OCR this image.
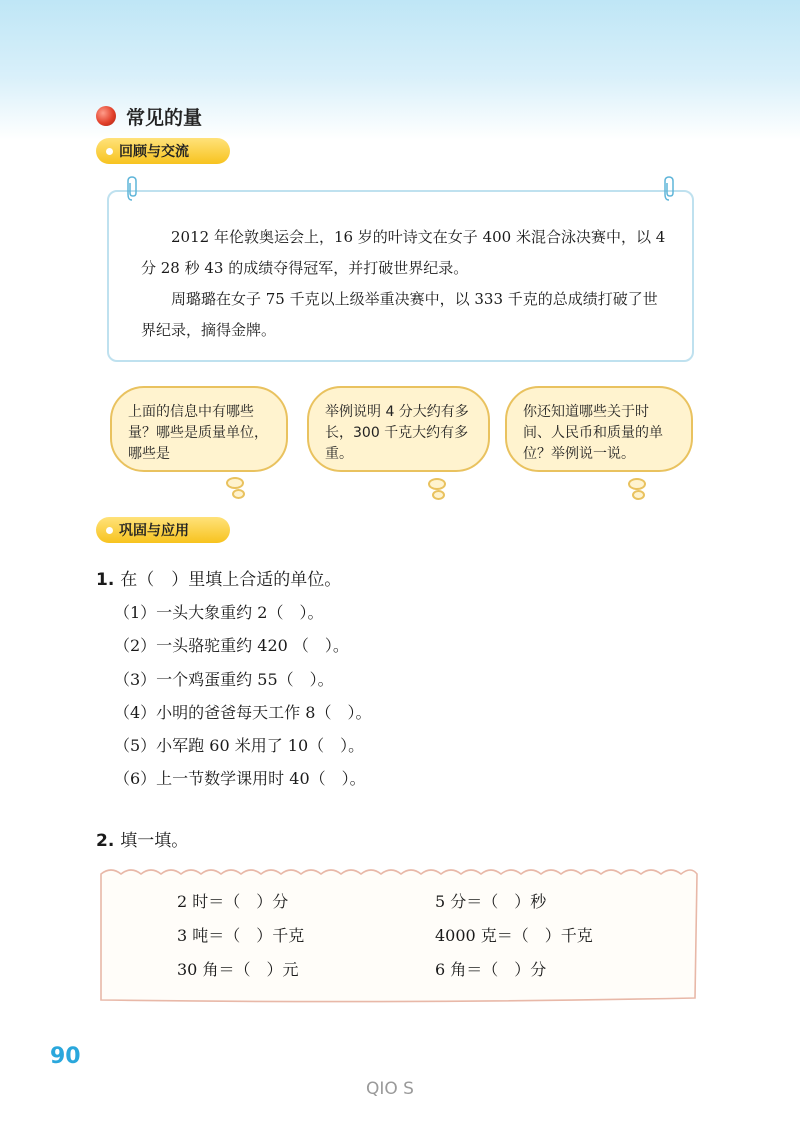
常见的量
回顾与交流

2012 年伦敦奥运会上，16 岁的叶诗文在女子 400 米混合泳决赛中，以 4 分 28 秒 43 的成绩夺得冠军，并打破世界纪录。

周璐璐在女子 75 千克以上级举重决赛中，以 333 千克的总成绩打破了世界纪录，摘得金牌。

上面的信息中有哪些量？哪些是质量单位，哪些是
举例说明 4 分大约有多长，300 千克大约有多重。
你还知道哪些关于时间、人民币和质量的单位？举例说一说。
巩固与应用
1. 在（　）里填上合适的单位。
（1）一头大象重约 2（　）。
（2）一头骆驼重约 420 （　）。
（3）一个鸡蛋重约 55（　）。
（4）小明的爸爸每天工作 8（　）。
（5）小军跑 60 米用了 10（　）。
（6）上一节数学课用时 40（　）。
2. 填一填。
2 时＝（　）分	5 分＝（　）秒
3 吨＝（　）千克	4000 克＝（　）千克
30 角＝（　）元	6 角＝（　）分
90
QIO S
